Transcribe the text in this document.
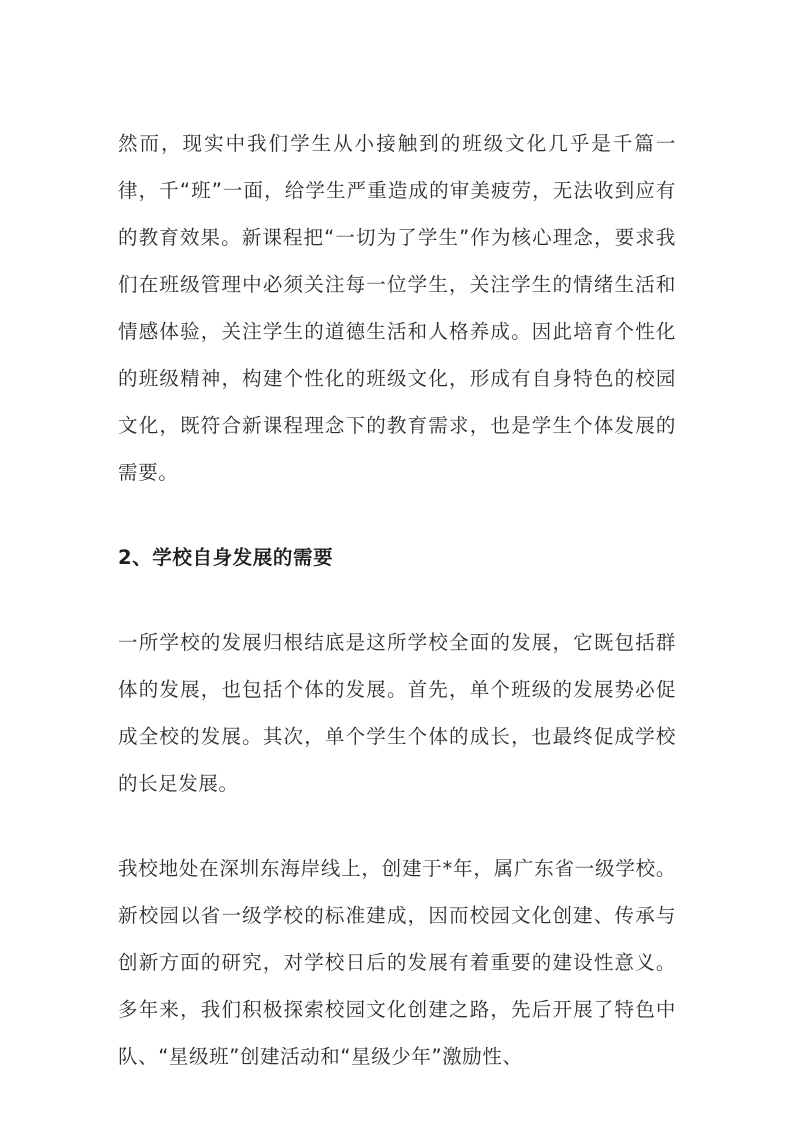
然而，现实中我们学生从小接触到的班级文化几乎是千篇一律，千“班”一面，给学生严重造成的审美疲劳，无法收到应有的教育效果。新课程把“一切为了学生”作为核心理念，要求我们在班级管理中必须关注每一位学生，关注学生的情绪生活和情感体验，关注学生的道德生活和人格养成。因此培育个性化的班级精神，构建个性化的班级文化，形成有自身特色的校园文化，既符合新课程理念下的教育需求，也是学生个体发展的需要。

2、学校自身发展的需要

一所学校的发展归根结底是这所学校全面的发展，它既包括群体的发展，也包括个体的发展。首先，单个班级的发展势必促成全校的发展。其次，单个学生个体的成长，也最终促成学校的长足发展。

我校地处在深圳东海岸线上，创建于*年，属广东省一级学校。新校园以省一级学校的标准建成，因而校园文化创建、传承与创新方面的研究，对学校日后的发展有着重要的建设性意义。多年来，我们积极探索校园文化创建之路，先后开展了特色中队、“星级班”创建活动和“星级少年”激励性、
